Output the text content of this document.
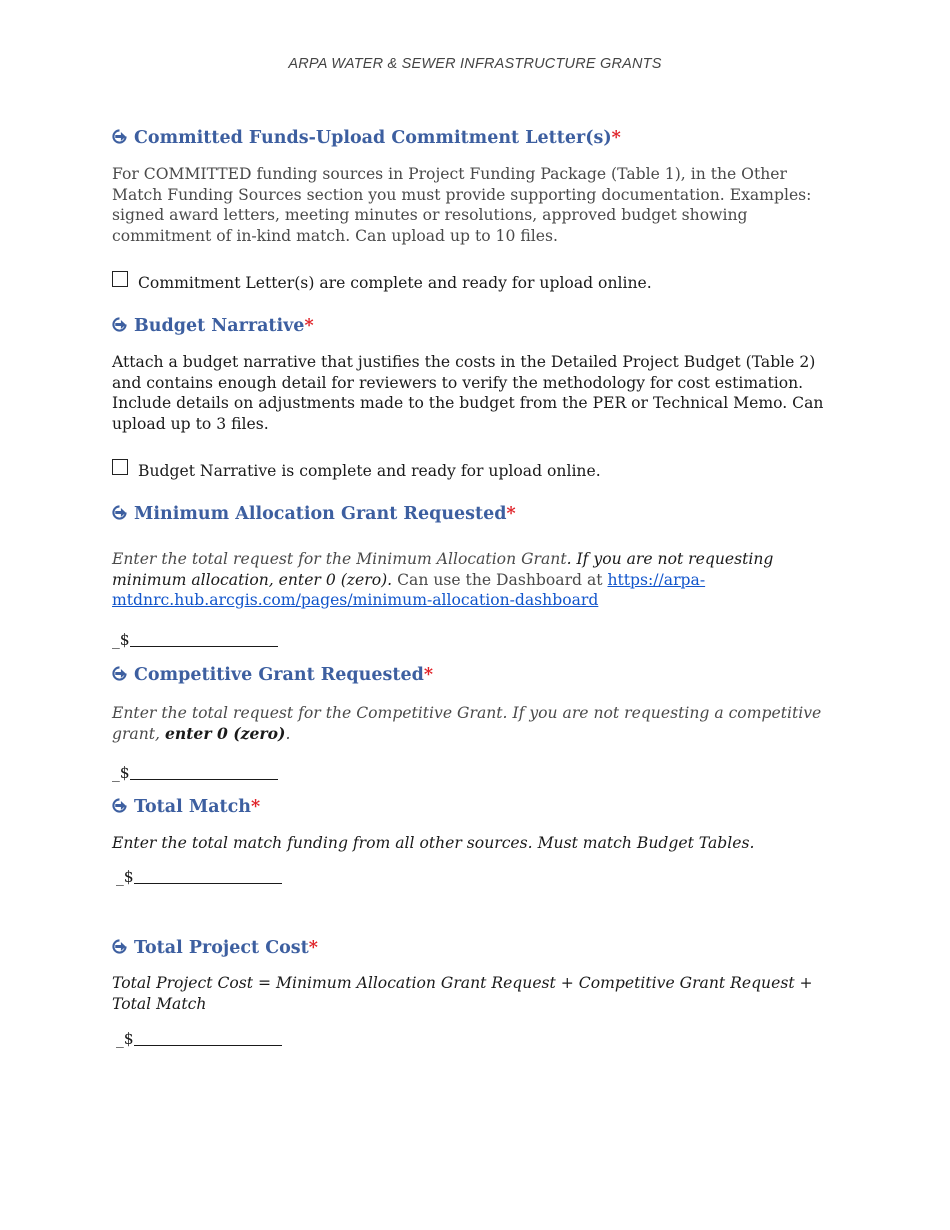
ARPA WATER & SEWER INFRASTRUCTURE GRANTS
Committed Funds-Upload Commitment Letter(s)*
For COMMITTED funding sources in Project Funding Package (Table 1), in the Other Match Funding Sources section you must provide supporting documentation. Examples: signed award letters, meeting minutes or resolutions, approved budget showing commitment of in-kind match. Can upload up to 10 files.
Commitment Letter(s) are complete and ready for upload online.
Budget Narrative*
Attach a budget narrative that justifies the costs in the Detailed Project Budget (Table 2) and contains enough detail for reviewers to verify the methodology for cost estimation. Include details on adjustments made to the budget from the PER or Technical Memo. Can upload up to 3 files.
Budget Narrative is complete and ready for upload online.
Minimum Allocation Grant Requested*
Enter the total request for the Minimum Allocation Grant. If you are not requesting minimum allocation, enter 0 (zero). Can use the Dashboard at https://arpa-mtdnrc.hub.arcgis.com/pages/minimum-allocation-dashboard
_$
Competitive Grant Requested*
Enter the total request for the Competitive Grant. If you are not requesting a competitive grant, enter 0 (zero).
_$
Total Match*
Enter the total match funding from all other sources. Must match Budget Tables.
_$
Total Project Cost*
Total Project Cost = Minimum Allocation Grant Request + Competitive Grant Request + Total Match
_$
